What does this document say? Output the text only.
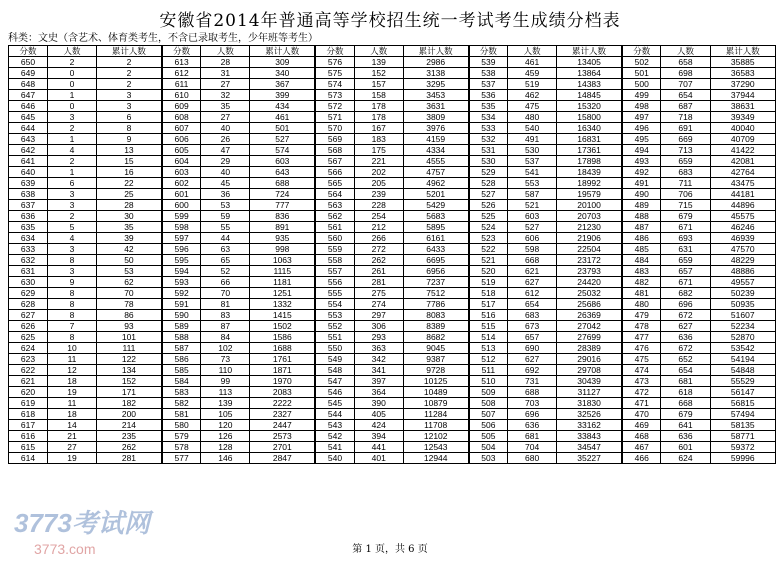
安徽省2014年普通高等学校招生统一考试考生成绩分档表
科类：文史（含艺术、体育类考生，不含已录取考生，少年班等考生）
分数	人数	累计人数	分数	人数	累计人数	分数	人数	累计人数	分数	人数	累计人数	分数	人数	累计人数
650	2	2	613	28	309	576	139	2986	539	461	13405	502	658	35885
649	0	2	612	31	340	575	152	3138	538	459	13864	501	698	36583
648	0	2	611	27	367	574	157	3295	537	519	14383	500	707	37290
647	1	3	610	32	399	573	158	3453	536	462	14845	499	654	37944
646	0	3	609	35	434	572	178	3631	535	475	15320	498	687	38631
645	3	6	608	27	461	571	178	3809	534	480	15800	497	718	39349
644	2	8	607	40	501	570	167	3976	533	540	16340	496	691	40040
643	1	9	606	26	527	569	183	4159	532	491	16831	495	669	40709
642	4	13	605	47	574	568	175	4334	531	530	17361	494	713	41422
641	2	15	604	29	603	567	221	4555	530	537	17898	493	659	42081
640	1	16	603	40	643	566	202	4757	529	541	18439	492	683	42764
639	6	22	602	45	688	565	205	4962	528	553	18992	491	711	43475
638	3	25	601	36	724	564	239	5201	527	587	19579	490	706	44181
637	3	28	600	53	777	563	228	5429	526	521	20100	489	715	44896
636	2	30	599	59	836	562	254	5683	525	603	20703	488	679	45575
635	5	35	598	55	891	561	212	5895	524	527	21230	487	671	46246
634	4	39	597	44	935	560	266	6161	523	606	21906	486	693	46939
633	3	42	596	63	998	559	272	6433	522	598	22504	485	631	47570
632	8	50	595	65	1063	558	262	6695	521	668	23172	484	659	48229
631	3	53	594	52	1115	557	261	6956	520	621	23793	483	657	48886
630	9	62	593	66	1181	556	281	7237	519	627	24420	482	671	49557
629	8	70	592	70	1251	555	275	7512	518	612	25032	481	682	50239
628	8	78	591	81	1332	554	274	7786	517	654	25686	480	696	50935
627	8	86	590	83	1415	553	297	8083	516	683	26369	479	672	51607
626	7	93	589	87	1502	552	306	8389	515	673	27042	478	627	52234
625	8	101	588	84	1586	551	293	8682	514	657	27699	477	636	52870
624	10	111	587	102	1688	550	363	9045	513	690	28389	476	672	53542
623	11	122	586	73	1761	549	342	9387	512	627	29016	475	652	54194
622	12	134	585	110	1871	548	341	9728	511	692	29708	474	654	54848
621	18	152	584	99	1970	547	397	10125	510	731	30439	473	681	55529
620	19	171	583	113	2083	546	364	10489	509	688	31127	472	618	56147
619	11	182	582	139	2222	545	390	10879	508	703	31830	471	668	56815
618	18	200	581	105	2327	544	405	11284	507	696	32526	470	679	57494
617	14	214	580	120	2447	543	424	11708	506	636	33162	469	641	58135
616	21	235	579	126	2573	542	394	12102	505	681	33843	468	636	58771
615	27	262	578	128	2701	541	441	12543	504	704	34547	467	601	59372
614	19	281	577	146	2847	540	401	12944	503	680	35227	466	624	59996
3773考试网
3773.com	第 1 页，共 6 页
